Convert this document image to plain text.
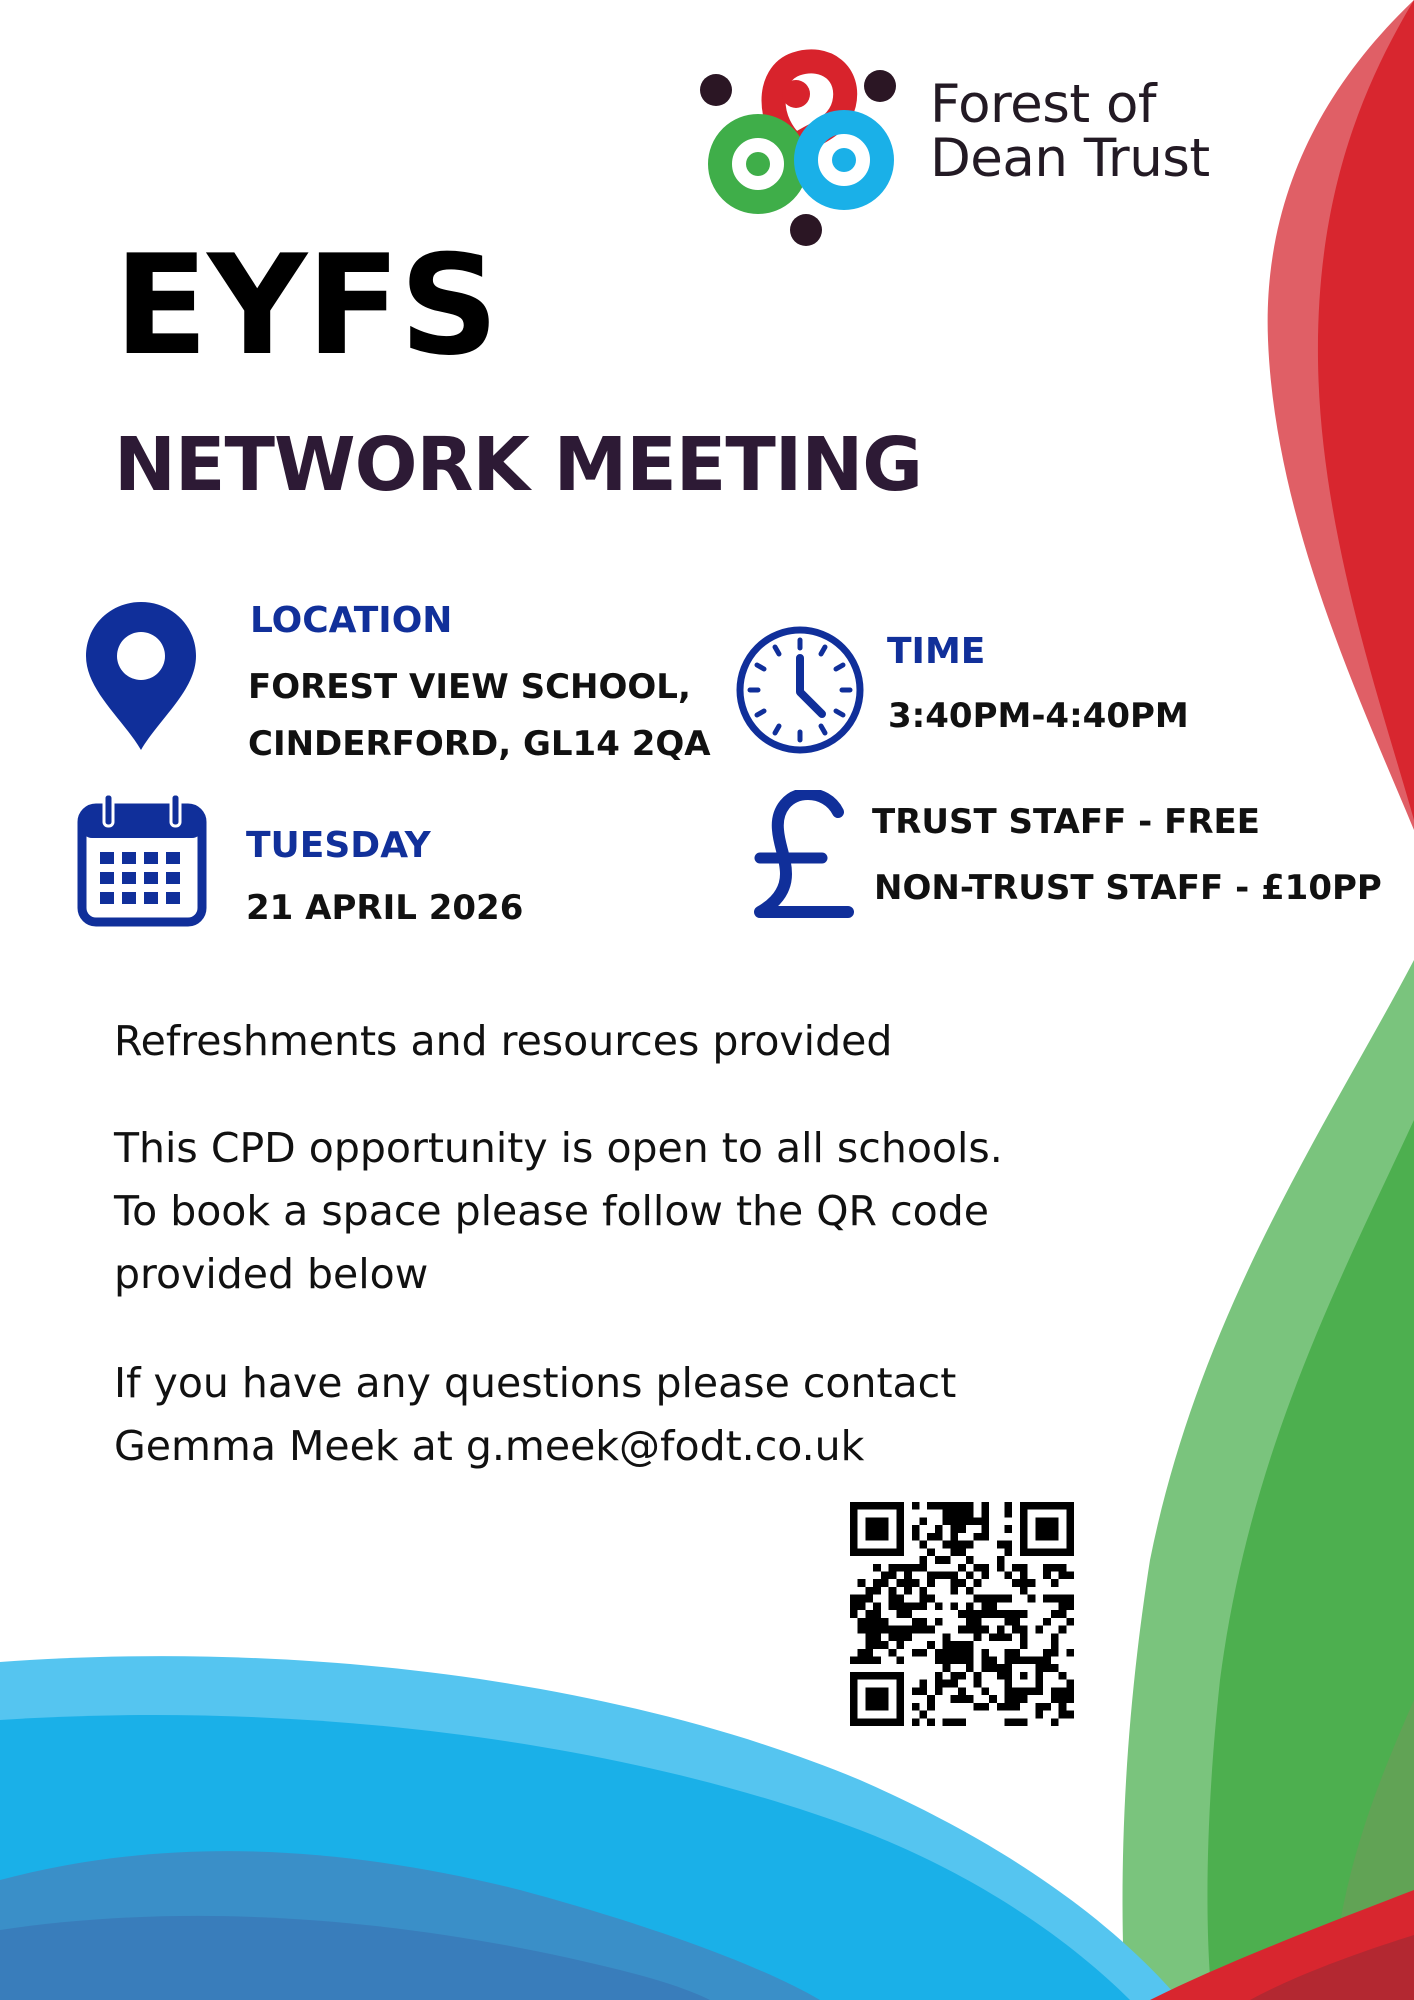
Forest of
Dean Trust
EYFS
NETWORK MEETING
LOCATION
FOREST VIEW SCHOOL,
CINDERFORD, GL14 2QA
TIME
3:40PM-4:40PM
TUESDAY
21 APRIL 2026
TRUST STAFF - FREE
NON-TRUST STAFF - £10PP
Refreshments and resources provided
This CPD opportunity is open to all schools.
To book a space please follow the QR code
provided below
If you have any questions please contact
Gemma Meek at g.meek@fodt.co.uk
